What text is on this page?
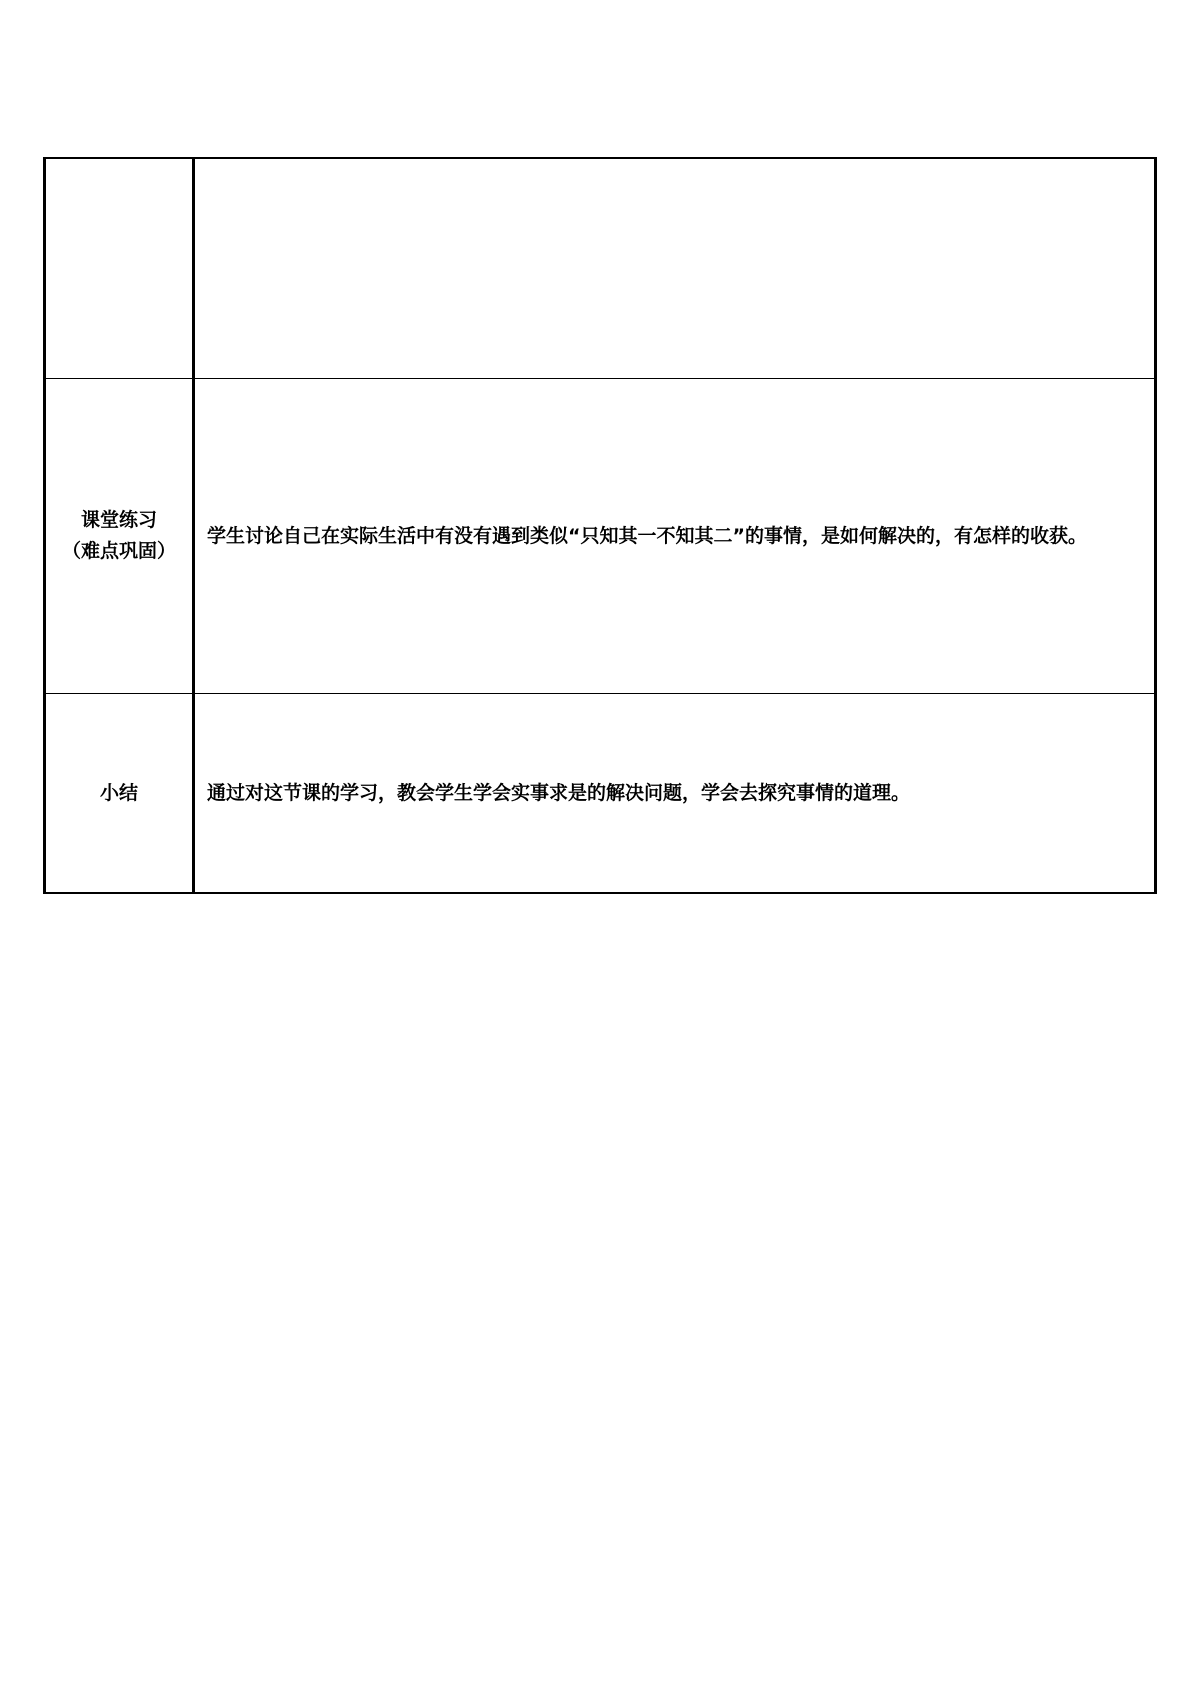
课堂练习
（难点巩固）	学生讨论自己在实际生活中有没有遇到类似“只知其一不知其二”的事情，是如何解决的，有怎样的收获。

小结	通过对这节课的学习，教会学生学会实事求是的解决问题，学会去探究事情的道理。
